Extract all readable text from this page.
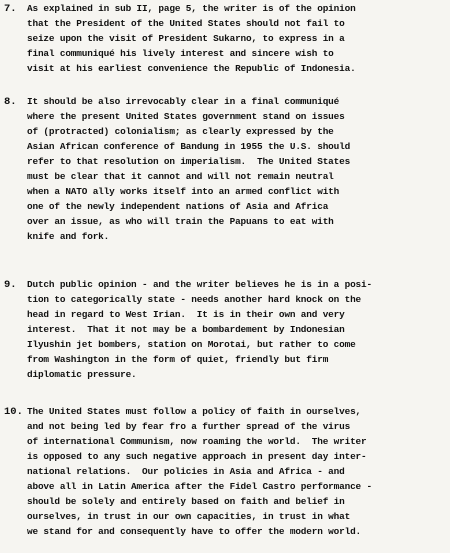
7. As explained in sub II, page 5, the writer is of the opinion
that the President of the United States should not fail to
seize upon the visit of President Sukarno, to express in a
final communiqué his lively interest and sincere wish to
visit at his earliest convenience the Republic of Indonesia.
8. It should be also irrevocably clear in a final communiqué
where the present United States government stand on issues
of (protracted) colonialism; as clearly expressed by the
Asian African conference of Bandung in 1955 the U.S. should
refer to that resolution on imperialism.  The United States
must be clear that it cannot and will not remain neutral
when a NATO ally works itself into an armed conflict with
one of the newly independent nations of Asia and Africa
over an issue, as who will train the Papuans to eat with
knife and fork.
9. Dutch public opinion - and the writer believes he is in a posi-
tion to categorically state - needs another hard knock on the
head in regard to West Irian.  It is in their own and very
interest.  That it not may be a bombardement by Indonesian
Ilyushin jet bombers, station on Morotai, but rather to come
from Washington in the form of quiet, friendly but firm
diplomatic pressure.
10. The United States must follow a policy of faith in ourselves,
and not being led by fear fro a further spread of the virus
of international Communism, now roaming the world.  The writer
is opposed to any such negative approach in present day inter-
national relations.  Our policies in Asia and Africa - and
above all in Latin America after the Fidel Castro performance -
should be solely and entirely based on faith and belief in
ourselves, in trust in our own capacities, in trust in what
we stand for and consequently have to offer the modern world.
